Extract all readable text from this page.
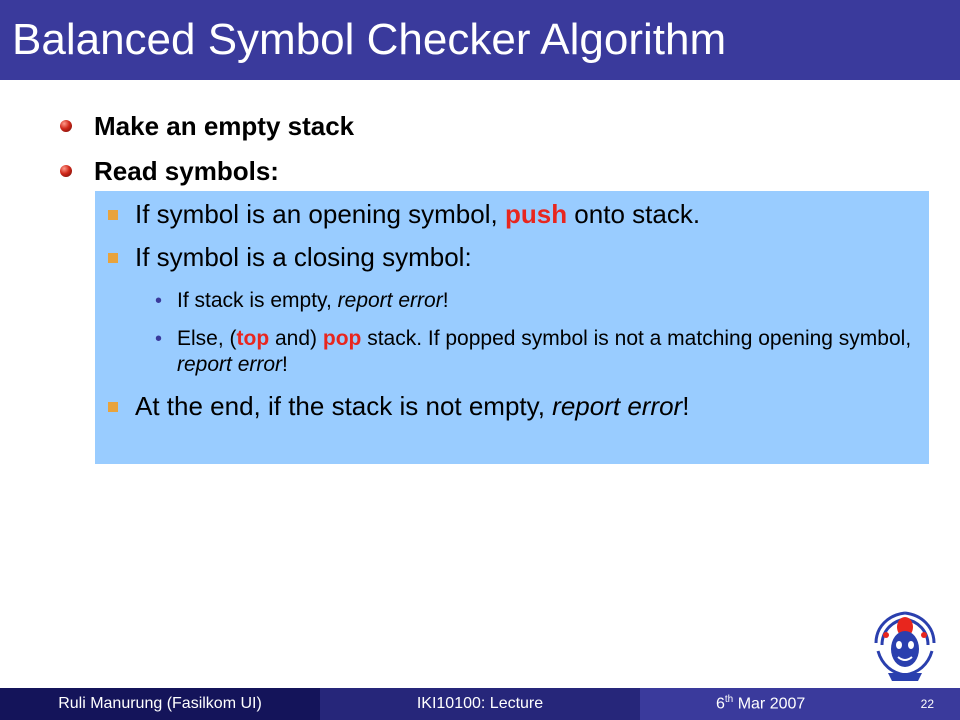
Balanced Symbol Checker Algorithm
Make an empty stack
Read symbols:
If symbol is an opening symbol, push onto stack.
If symbol is a closing symbol:
• If stack is empty, report error!
• Else, (top and) pop stack. If popped symbol is not a matching opening symbol, report error!
At the end, if the stack is not empty, report error!
Ruli Manurung (Fasilkom UI)	IKI10100: Lecture	6th Mar 2007	22
